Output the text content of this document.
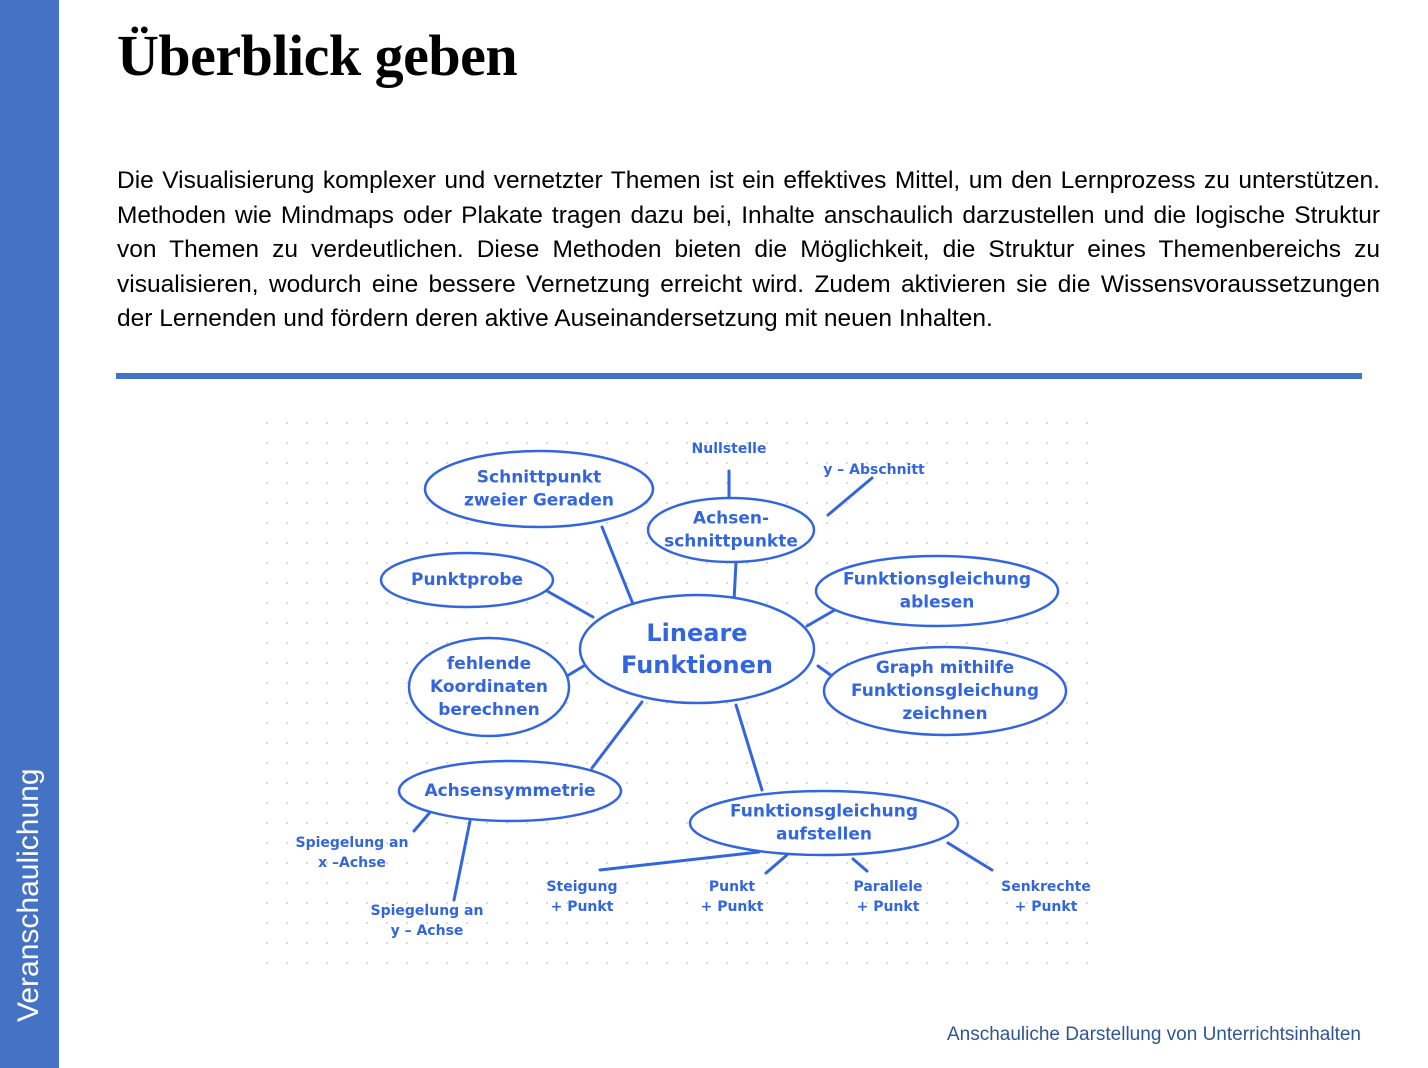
Veranschaulichung
Überblick geben

Die Visualisierung komplexer und vernetzter Themen ist ein effektives Mittel, um den Lernprozess zu unterstützen. Methoden wie Mindmaps oder Plakate tragen dazu bei, Inhalte anschaulich darzustellen und die logische Struktur von Themen zu verdeutlichen. Diese Methoden bieten die Möglichkeit, die Struktur eines Themenbereichs zu visualisieren, wodurch eine bessere Vernetzung erreicht wird. Zudem aktivieren sie die Wissensvoraussetzungen der Lernenden und fördern deren aktive Auseinandersetzung mit neuen Inhalten.

Lineare
Funktionen
Schnittpunkt
zweier Geraden
Achsen-
schnittpunkte
Nullstelle
y – Abschnitt
Funktionsgleichung
ablesen
Punktprobe
fehlende
Koordinaten
berechnen
Graph mithilfe
Funktionsgleichung
zeichnen
Achsensymmetrie
Spiegelung an
x –Achse
Spiegelung an
y – Achse
Funktionsgleichung
aufstellen
Steigung
+ Punkt
Punkt
+ Punkt
Parallele
+ Punkt
Senkrechte
+ Punkt
Anschauliche Darstellung von Unterrichtsinhalten
